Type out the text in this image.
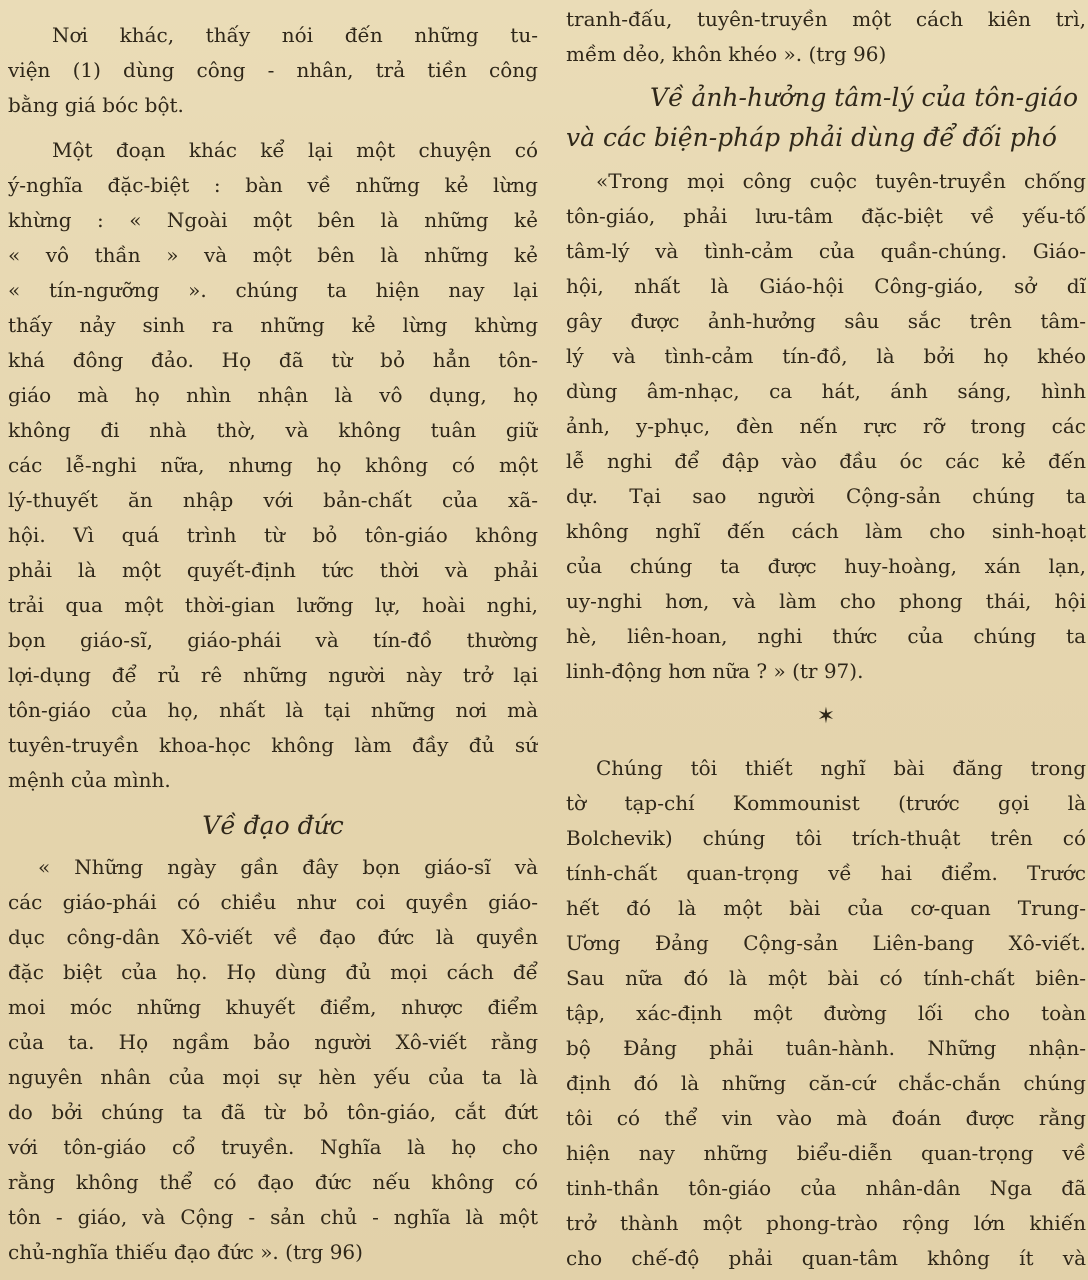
Nơi khác, thấy nói đến những tu-
viện (1) dùng công - nhân, trả tiền công
bằng giá bóc bột.
Một đoạn khác kể lại một chuyện có
ý-nghĩa đặc-biệt : bàn về những kẻ lừng
khừng : « Ngoài một bên là những kẻ
« vô thần » và một bên là những kẻ
« tín-ngưỡng ». chúng ta hiện nay lại
thấy nảy sinh ra những kẻ lừng khừng
khá đông đảo. Họ đã từ bỏ hẳn tôn-
giáo mà họ nhìn nhận là vô dụng, họ
không đi nhà thờ, và không tuân giữ
các lễ-nghi nữa, nhưng họ không có một
lý-thuyết ăn nhập với bản-chất của xã-
hội. Vì quá trình từ bỏ tôn-giáo không
phải là một quyết-định tức thời và phải
trải qua một thời-gian lưỡng lự, hoài nghi,
bọn giáo-sĩ, giáo-phái và tín-đồ thường
lợi-dụng để rủ rê những người này trở lại
tôn-giáo của họ, nhất là tại những nơi mà
tuyên-truyền khoa-học không làm đầy đủ sứ
mệnh của mình.
Về đạo đức
« Những ngày gần đây bọn giáo-sĩ và
các giáo-phái có chiều như coi quyền giáo-
dục công-dân Xô-viết về đạo đức là quyền
đặc biệt của họ. Họ dùng đủ mọi cách để
moi móc những khuyết điểm, nhược điểm
của ta. Họ ngầm bảo người Xô-viết rằng
nguyên nhân của mọi sự hèn yếu của ta là
do bởi chúng ta đã từ bỏ tôn-giáo, cắt đứt
với tôn-giáo cổ truyền. Nghĩa là họ cho
rằng không thể có đạo đức nếu không có
tôn - giáo, và Cộng - sản chủ - nghĩa là một
chủ-nghĩa thiếu đạo đức ». (trg 96)
tranh-đấu, tuyên-truyền một cách kiên trì,
mềm dẻo, khôn khéo ». (trg 96)
Về ảnh-hưởng tâm-lý của tôn-giáo
và các biện-pháp phải dùng để đối phó
«Trong mọi công cuộc tuyên-truyền chống
tôn-giáo, phải lưu-tâm đặc-biệt về yếu-tố
tâm-lý và tình-cảm của quần-chúng. Giáo-
hội, nhất là Giáo-hội Công-giáo, sở dĩ
gây được ảnh-hưởng sâu sắc trên tâm-
lý và tình-cảm tín-đồ, là bởi họ khéo
dùng âm-nhạc, ca hát, ánh sáng, hình
ảnh, y-phục, đèn nến rực rỡ trong các
lễ nghi để đập vào đầu óc các kẻ đến
dự. Tại sao người Cộng-sản chúng ta
không nghĩ đến cách làm cho sinh-hoạt
của chúng ta được huy-hoàng, xán lạn,
uy-nghi hơn, và làm cho phong thái, hội
hè, liên-hoan, nghi thức của chúng ta
linh-động hơn nữa ? » (tr 97).
✶
Chúng tôi thiết nghĩ bài đăng trong
tờ tạp-chí Kommounist (trước gọi là
Bolchevik) chúng tôi trích-thuật trên có
tính-chất quan-trọng về hai điểm. Trước
hết đó là một bài của cơ-quan Trung-
Ương Đảng Cộng-sản Liên-bang Xô-viết.
Sau nữa đó là một bài có tính-chất biên-
tập, xác-định một đường lối cho toàn
bộ Đảng phải tuân-hành. Những nhận-
định đó là những căn-cứ chắc-chắn chúng
tôi có thể vin vào mà đoán được rằng
hiện nay những biểu-diễn quan-trọng về
tinh-thần tôn-giáo của nhân-dân Nga đã
trở thành một phong-trào rộng lớn khiến
cho chế-độ phải quan-tâm không ít và
